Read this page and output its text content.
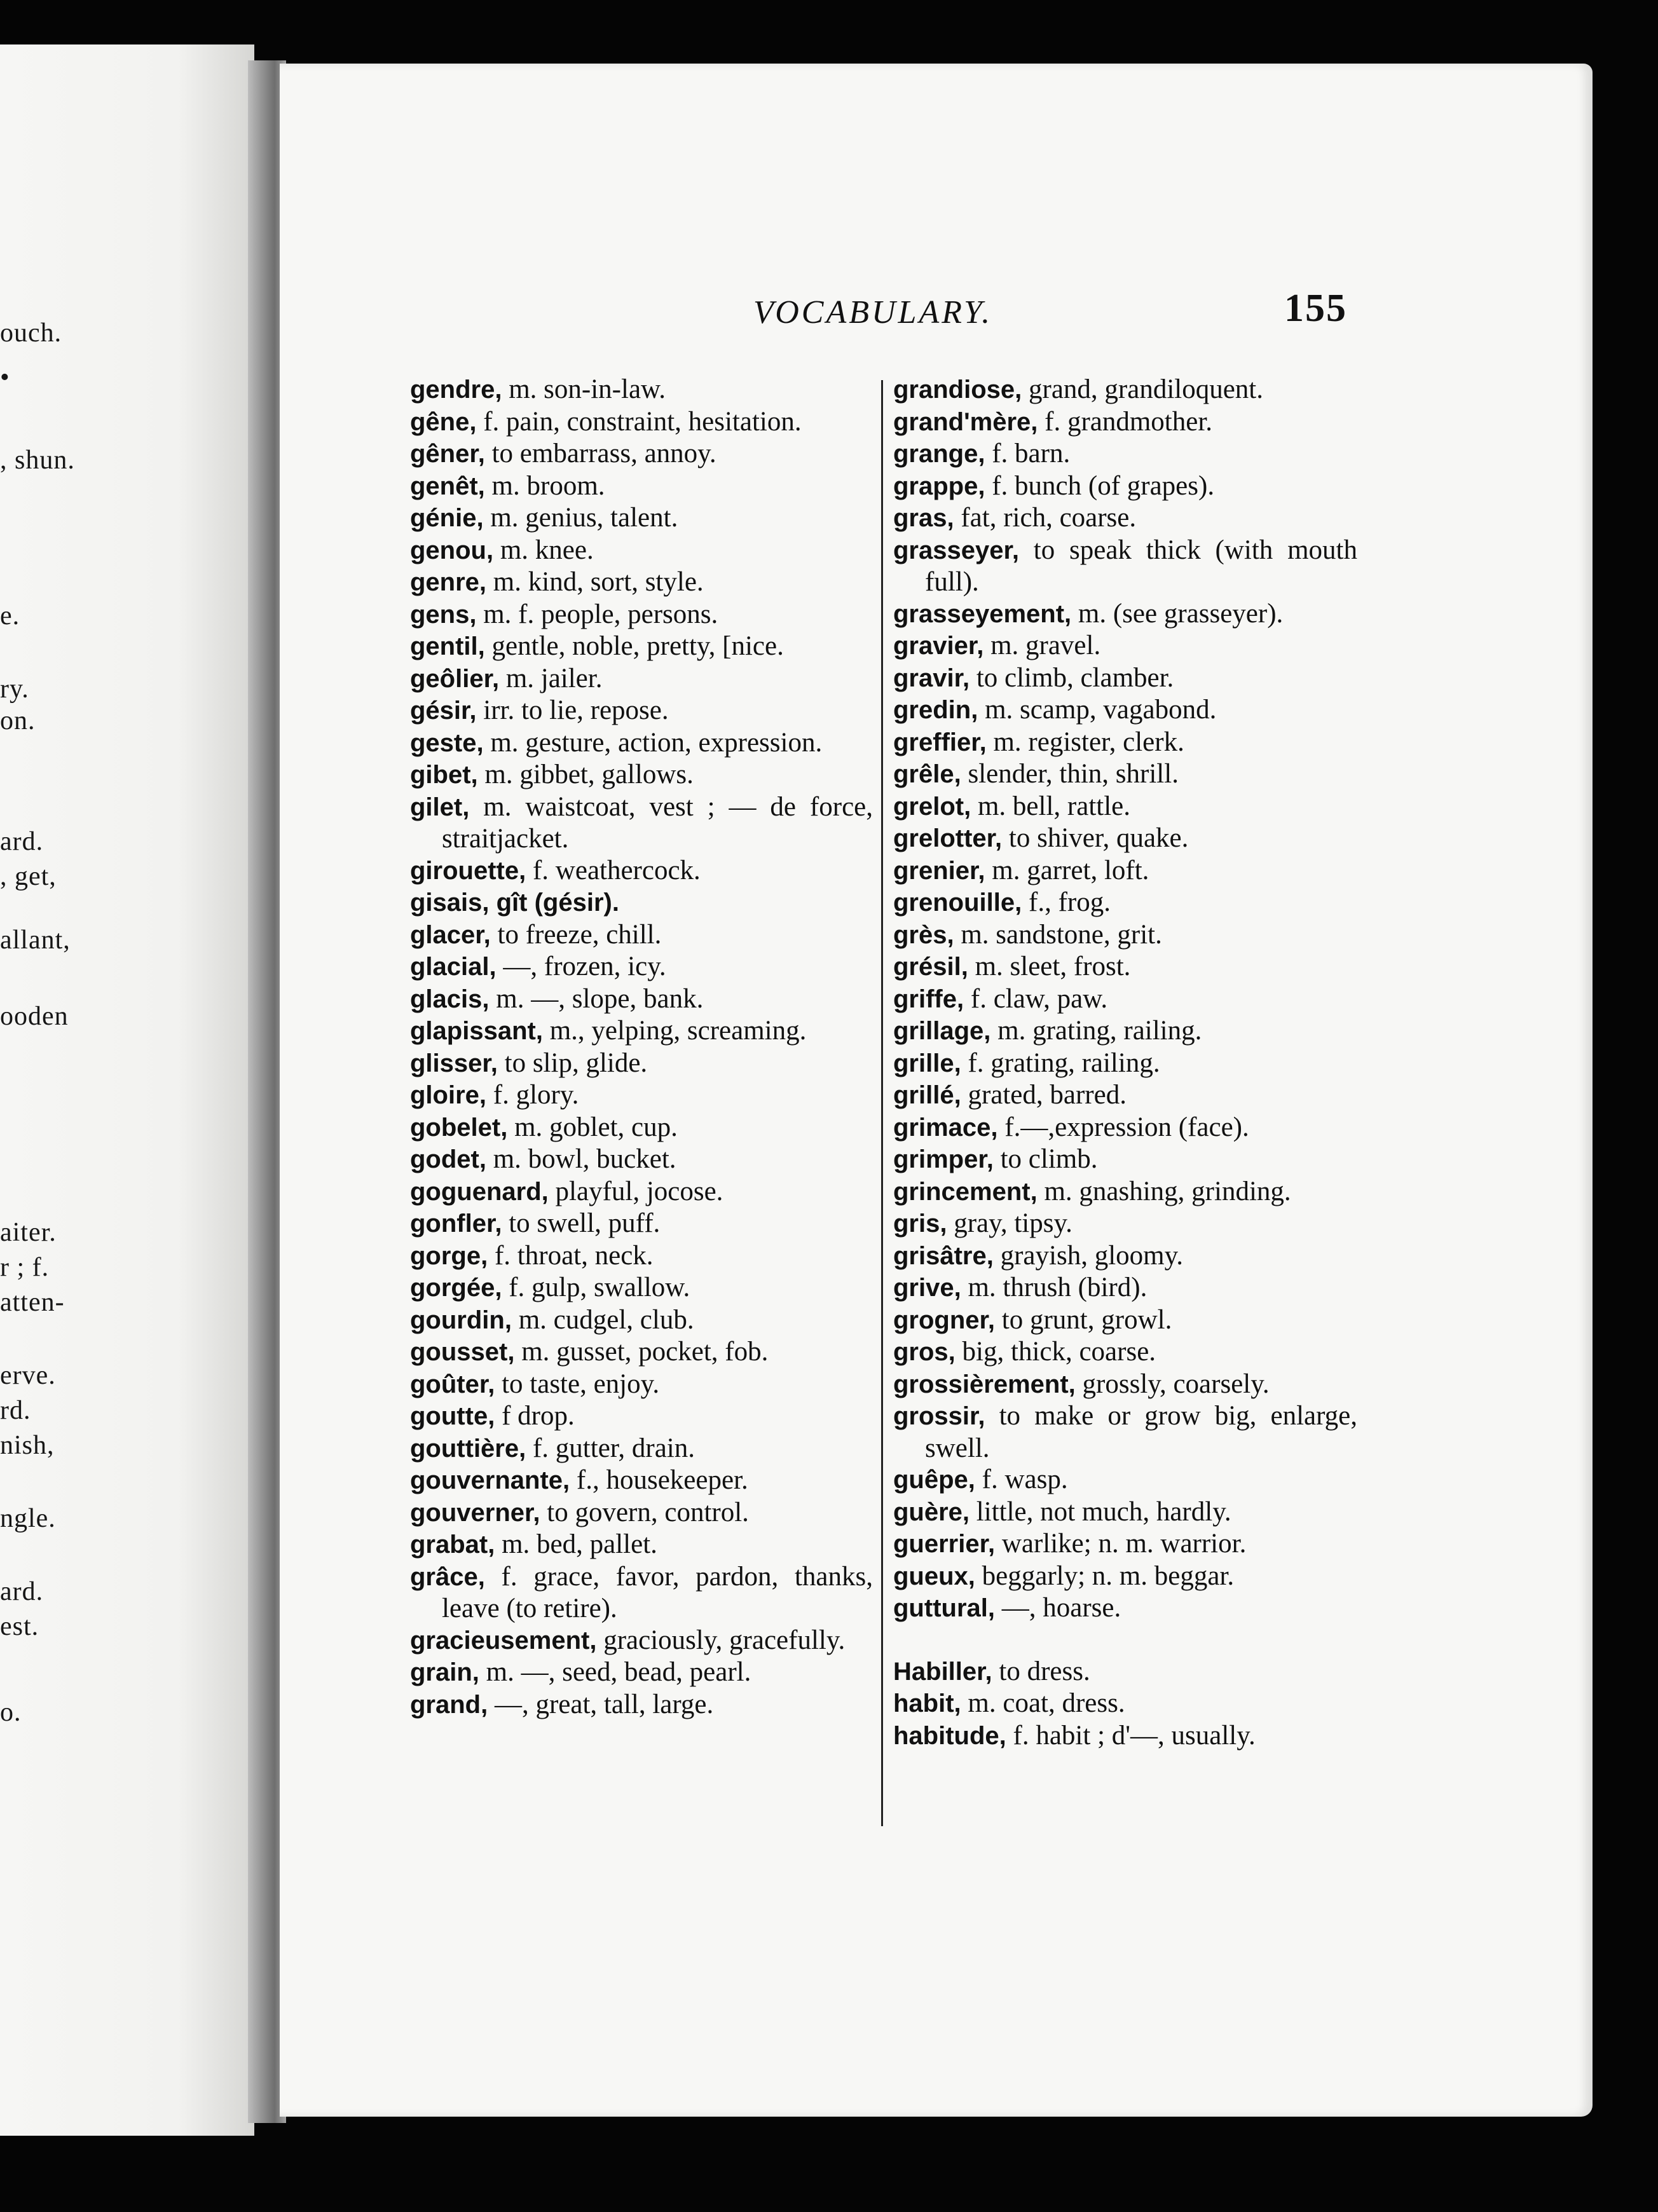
ouch.
•
, shun.
e.
ry.
on.
ard.
, get,
allant,
ooden
aiter.
r ; f.
atten-
erve.
rd.
nish,
ngle.
ard.
est.
o.
VOCABULARY.	155

gendre, m. son-in-law.

gêne, f. pain, constraint, hesitation.

gêner, to embarrass, annoy.

genêt, m. broom.

génie, m. genius, talent.

genou, m. knee.

genre, m. kind, sort, style.

gens, m. f. people, persons.

gentil, gentle, noble, pretty, [nice.

geôlier, m. jailer.

gésir, irr. to lie, repose.

geste, m. gesture, action, expression.

gibet, m. gibbet, gallows.

gilet, m. waistcoat, vest ; — de force, straitjacket.

girouette, f. weathercock.

gisais, gît (gésir).

glacer, to freeze, chill.

glacial, —, frozen, icy.

glacis, m. —, slope, bank.

glapissant, m., yelping, screaming.

glisser, to slip, glide.

gloire, f. glory.

gobelet, m. goblet, cup.

godet, m. bowl, bucket.

goguenard, playful, jocose.

gonfler, to swell, puff.

gorge, f. throat, neck.

gorgée, f. gulp, swallow.

gourdin, m. cudgel, club.

gousset, m. gusset, pocket, fob.

goûter, to taste, enjoy.

goutte, f drop.

gouttière, f. gutter, drain.

gouvernante, f., housekeeper.

gouverner, to govern, control.

grabat, m. bed, pallet.

grâce, f. grace, favor, pardon, thanks, leave (to retire).

gracieusement, graciously, gracefully.

grain, m. —, seed, bead, pearl.

grand, —, great, tall, large.

grandiose, grand, grandiloquent.

grand'mère, f. grandmother.

grange, f. barn.

grappe, f. bunch (of grapes).

gras, fat, rich, coarse.

grasseyer, to speak thick (with mouth full).

grasseyement, m. (see grasseyer).

gravier, m. gravel.

gravir, to climb, clamber.

gredin, m. scamp, vagabond.

greffier, m. register, clerk.

grêle, slender, thin, shrill.

grelot, m. bell, rattle.

grelotter, to shiver, quake.

grenier, m. garret, loft.

grenouille, f., frog.

grès, m. sandstone, grit.

grésil, m. sleet, frost.

griffe, f. claw, paw.

grillage, m. grating, railing.

grille, f. grating, railing.

grillé, grated, barred.

grimace, f.—,expression (face).

grimper, to climb.

grincement, m. gnashing, grinding.

gris, gray, tipsy.

grisâtre, grayish, gloomy.

grive, m. thrush (bird).

grogner, to grunt, growl.

gros, big, thick, coarse.

grossièrement, grossly, coarsely.

grossir, to make or grow big, enlarge, swell.

guêpe, f. wasp.

guère, little, not much, hardly.

guerrier, warlike; n. m. warrior.

gueux, beggarly; n. m. beggar.

guttural, —, hoarse.

Habiller, to dress.

habit, m. coat, dress.

habitude, f. habit ; d'—, usually.
